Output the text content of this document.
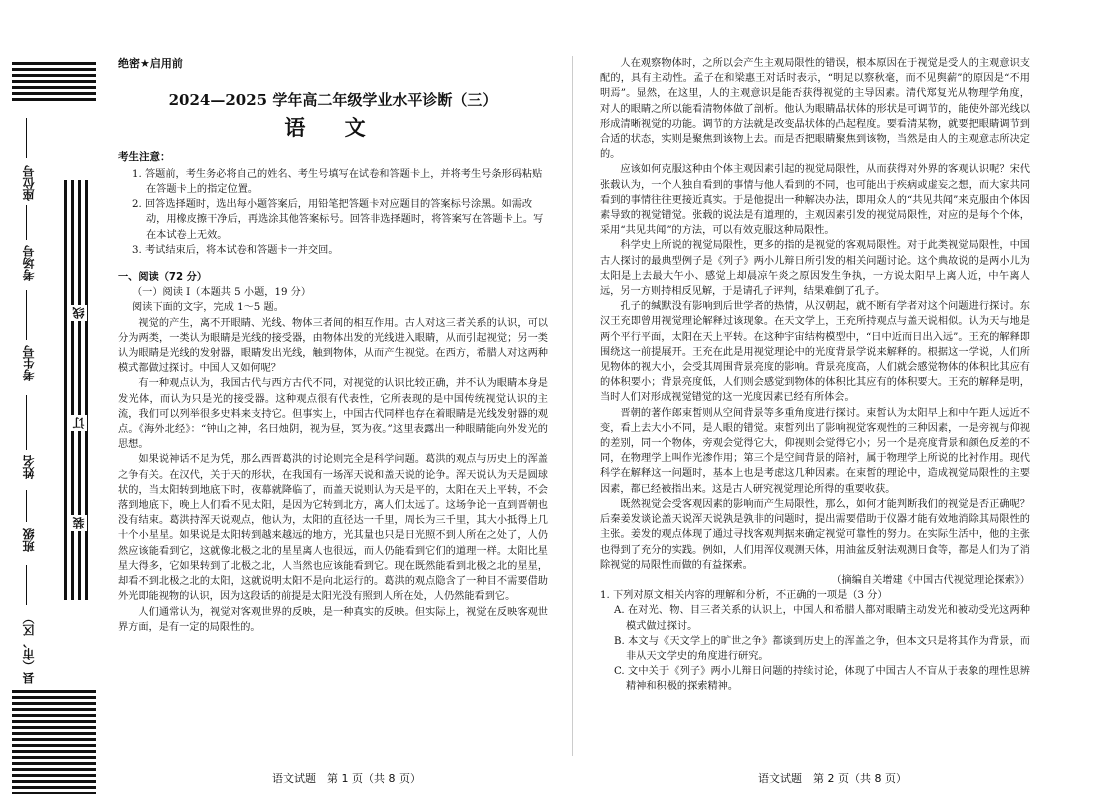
座位号
考场号
考生号
姓名
班级
县（市、区）
线
订
装
绝密★启用前
2024—2025 学年高二年级学业水平诊断（三）
语 文
考生注意：
1. 答题前，考生务必将自己的姓名、考生号填写在试卷和答题卡上，并将考生号条形码粘贴在答题卡上的指定位置。
2. 回答选择题时，选出每小题答案后，用铅笔把答题卡对应题目的答案标号涂黑。如需改动，用橡皮擦干净后，再选涂其他答案标号。回答非选择题时，将答案写在答题卡上。写在本试卷上无效。
3. 考试结束后，将本试卷和答题卡一并交回。
一、阅读（72 分）
（一）阅读 Ⅰ（本题共 5 小题，19 分）
阅读下面的文字，完成 1～5 题。

视觉的产生，离不开眼睛、光线、物体三者间的相互作用。古人对这三者关系的认识，可以分为两类，一类认为眼睛是光线的接受器，由物体出发的光线进入眼睛，从而引起视觉；另一类认为眼睛是光线的发射器，眼睛发出光线，触到物体，从而产生视觉。在西方，希腊人对这两种模式都做过探讨。中国人又如何呢？

有一种观点认为，我国古代与西方古代不同，对视觉的认识比较正确，并不认为眼睛本身是发光体，而认为只是光的接受器。这种观点很有代表性，它所表现的是中国传统视觉认识的主流，我们可以列举很多史料来支持它。但事实上，中国古代同样也存在着眼睛是光线发射器的观点。《海外北经》：“钟山之神，名曰烛阴，视为昼，冥为夜。”这里表露出一种眼睛能向外发光的思想。

如果说神话不足为凭，那么西晋葛洪的讨论则完全是科学问题。葛洪的观点与历史上的浑盖之争有关。在汉代，关于天的形状，在我国有一场浑天说和盖天说的论争。浑天说认为天是圆球状的，当太阳转到地底下时，夜幕就降临了，而盖天说则认为天是平的，太阳在天上平转，不会落到地底下，晚上人们看不见太阳，是因为它转到北方，离人们太远了。这场争论一直到晋朝也没有结束。葛洪持浑天说观点，他认为，太阳的直径达一千里，周长为三千里，其大小抵得上几十个小星星。如果说是太阳转到越来越远的地方，光其量也只是日光照不到人所在之处了，人仍然应该能看到它，这就像北极之北的星星离人也很远，而人仍能看到它们的道理一样。太阳比星星大得多，它如果转到了北极之北，人当然也应该能看到它。现在既然能看到北极之北的星星，却看不到北极之北的太阳，这就说明太阳不是向北运行的。葛洪的观点隐含了一种目不需要借助外光即能视物的认识，因为这段话的前提是太阳光没有照到人所在处，人仍然能看到它。

人们通常认为，视觉对客观世界的反映，是一种真实的反映。但实际上，视觉在反映客观世界方面，是有一定的局限性的。

人在观察物体时，之所以会产生主观局限性的错误，根本原因在于视觉是受人的主观意识支配的，具有主动性。孟子在和梁惠王对话时表示，“明足以察秋毫，而不见舆薪”的原因是“不用明焉”。显然，在这里，人的主观意识是能否获得视觉的主导因素。清代郑复光从物理学角度，对人的眼睛之所以能看清物体做了剖析。他认为眼睛晶状体的形状是可调节的，能使外部光线以形成清晰视觉的功能。调节的方法就是改变晶状体的凸起程度。要看清某物，就要把眼睛调节到合适的状态，实则是聚焦到该物上去。而是否把眼睛聚焦到该物，当然是由人的主观意志所决定的。

应该如何克服这种由个体主观因素引起的视觉局限性，从而获得对外界的客观认识呢？宋代张载认为，一个人独自看到的事情与他人看到的不同，也可能出于疾病或虚妄之想，而大家共同看到的事情往往更接近真实。于是他提出一种解决办法，即用众人的“共见共闻”来克服由个体因素导致的视觉错觉。张载的说法是有道理的，主观因素引发的视觉局限性，对应的是每个个体，采用“共见共闻”的方法，可以有效克服这种局限性。

科学史上所说的视觉局限性，更多的指的是视觉的客观局限性。对于此类视觉局限性，中国古人探讨的最典型例子是《列子》两小儿辩日所引发的相关问题讨论。这个典故说的是两小儿为太阳是上去最大午小、感觉上却晨凉午炎之原因发生争执，一方说太阳早上离人近，中午离人远，另一方则持相反见解，于是请孔子评判，结果难倒了孔子。

孔子的缄默没有影响到后世学者的热情，从汉朝起，就不断有学者对这个问题进行探讨。东汉王充即曾用视觉理论解释过该现象。在天文学上，王充所持观点与盖天说相似。认为天与地是两个平行平面，太阳在天上平转。在这种宇宙结构模型中，“日中近而日出入远”。王充的解释即围绕这一前提展开。王充在此是用视觉理论中的光度背景学说来解释的。根据这一学说，人们所见物体的视大小，会受其周围背景亮度的影响。背景亮度高，人们就会感觉物体的体积比其应有的体积要小；背景亮度低，人们则会感觉到物体的体积比其应有的体积要大。王充的解释是明，当时人们对形成视觉错觉的这一光度因素已经有所体会。

晋朝的著作郎束皙则从空间背景等多重角度进行探讨。束皙认为太阳早上和中午距人远近不变，看上去大小不同，是人眼的错觉。束皙列出了影响视觉客观性的三种因素，一是旁视与仰视的差别，同一个物体，旁观会觉得它大，仰视则会觉得它小；另一个是亮度背景和颜色反差的不同，在物理学上叫作光渗作用；第三个是空间背景的陪衬，属于物理学上所说的比衬作用。现代科学在解释这一问题时，基本上也是考虑这几种因素。在束皙的理论中，造成视觉局限性的主要因素，都已经被指出来。这是古人研究视觉理论所得的重要收获。

既然视觉会受客观因素的影响而产生局限性，那么，如何才能判断我们的视觉是否正确呢？后秦姜发谈论盖天说浑天说孰是孰非的问题时，提出需要借助于仪器才能有效地消除其局限性的主张。姜发的观点体现了通过寻找客观判据来确定视觉可靠性的努力。在实际生活中，他的主张也得到了充分的实践。例如，人们用浑仪观测天体，用油盆反射法观测日食等，都是人们为了消除视觉的局限性而做的有益探索。

（摘编自关增建《中国古代视觉理论探索》）

1. 下列对原文相关内容的理解和分析，不正确的一项是（3 分）

A. 在对光、物、目三者关系的认识上，中国人和希腊人都对眼睛主动发光和被动受光这两种模式做过探讨。

B. 本文与《天文学上的旷世之争》都谈到历史上的浑盖之争，但本文只是将其作为背景，而非从天文学史的角度进行研究。

C. 文中关于《列子》两小儿辩日问题的持续讨论，体现了中国古人不盲从于表象的理性思辨精神和积极的探索精神。

语文试题　第 1 页（共 8 页）	语文试题　第 2 页（共 8 页）
